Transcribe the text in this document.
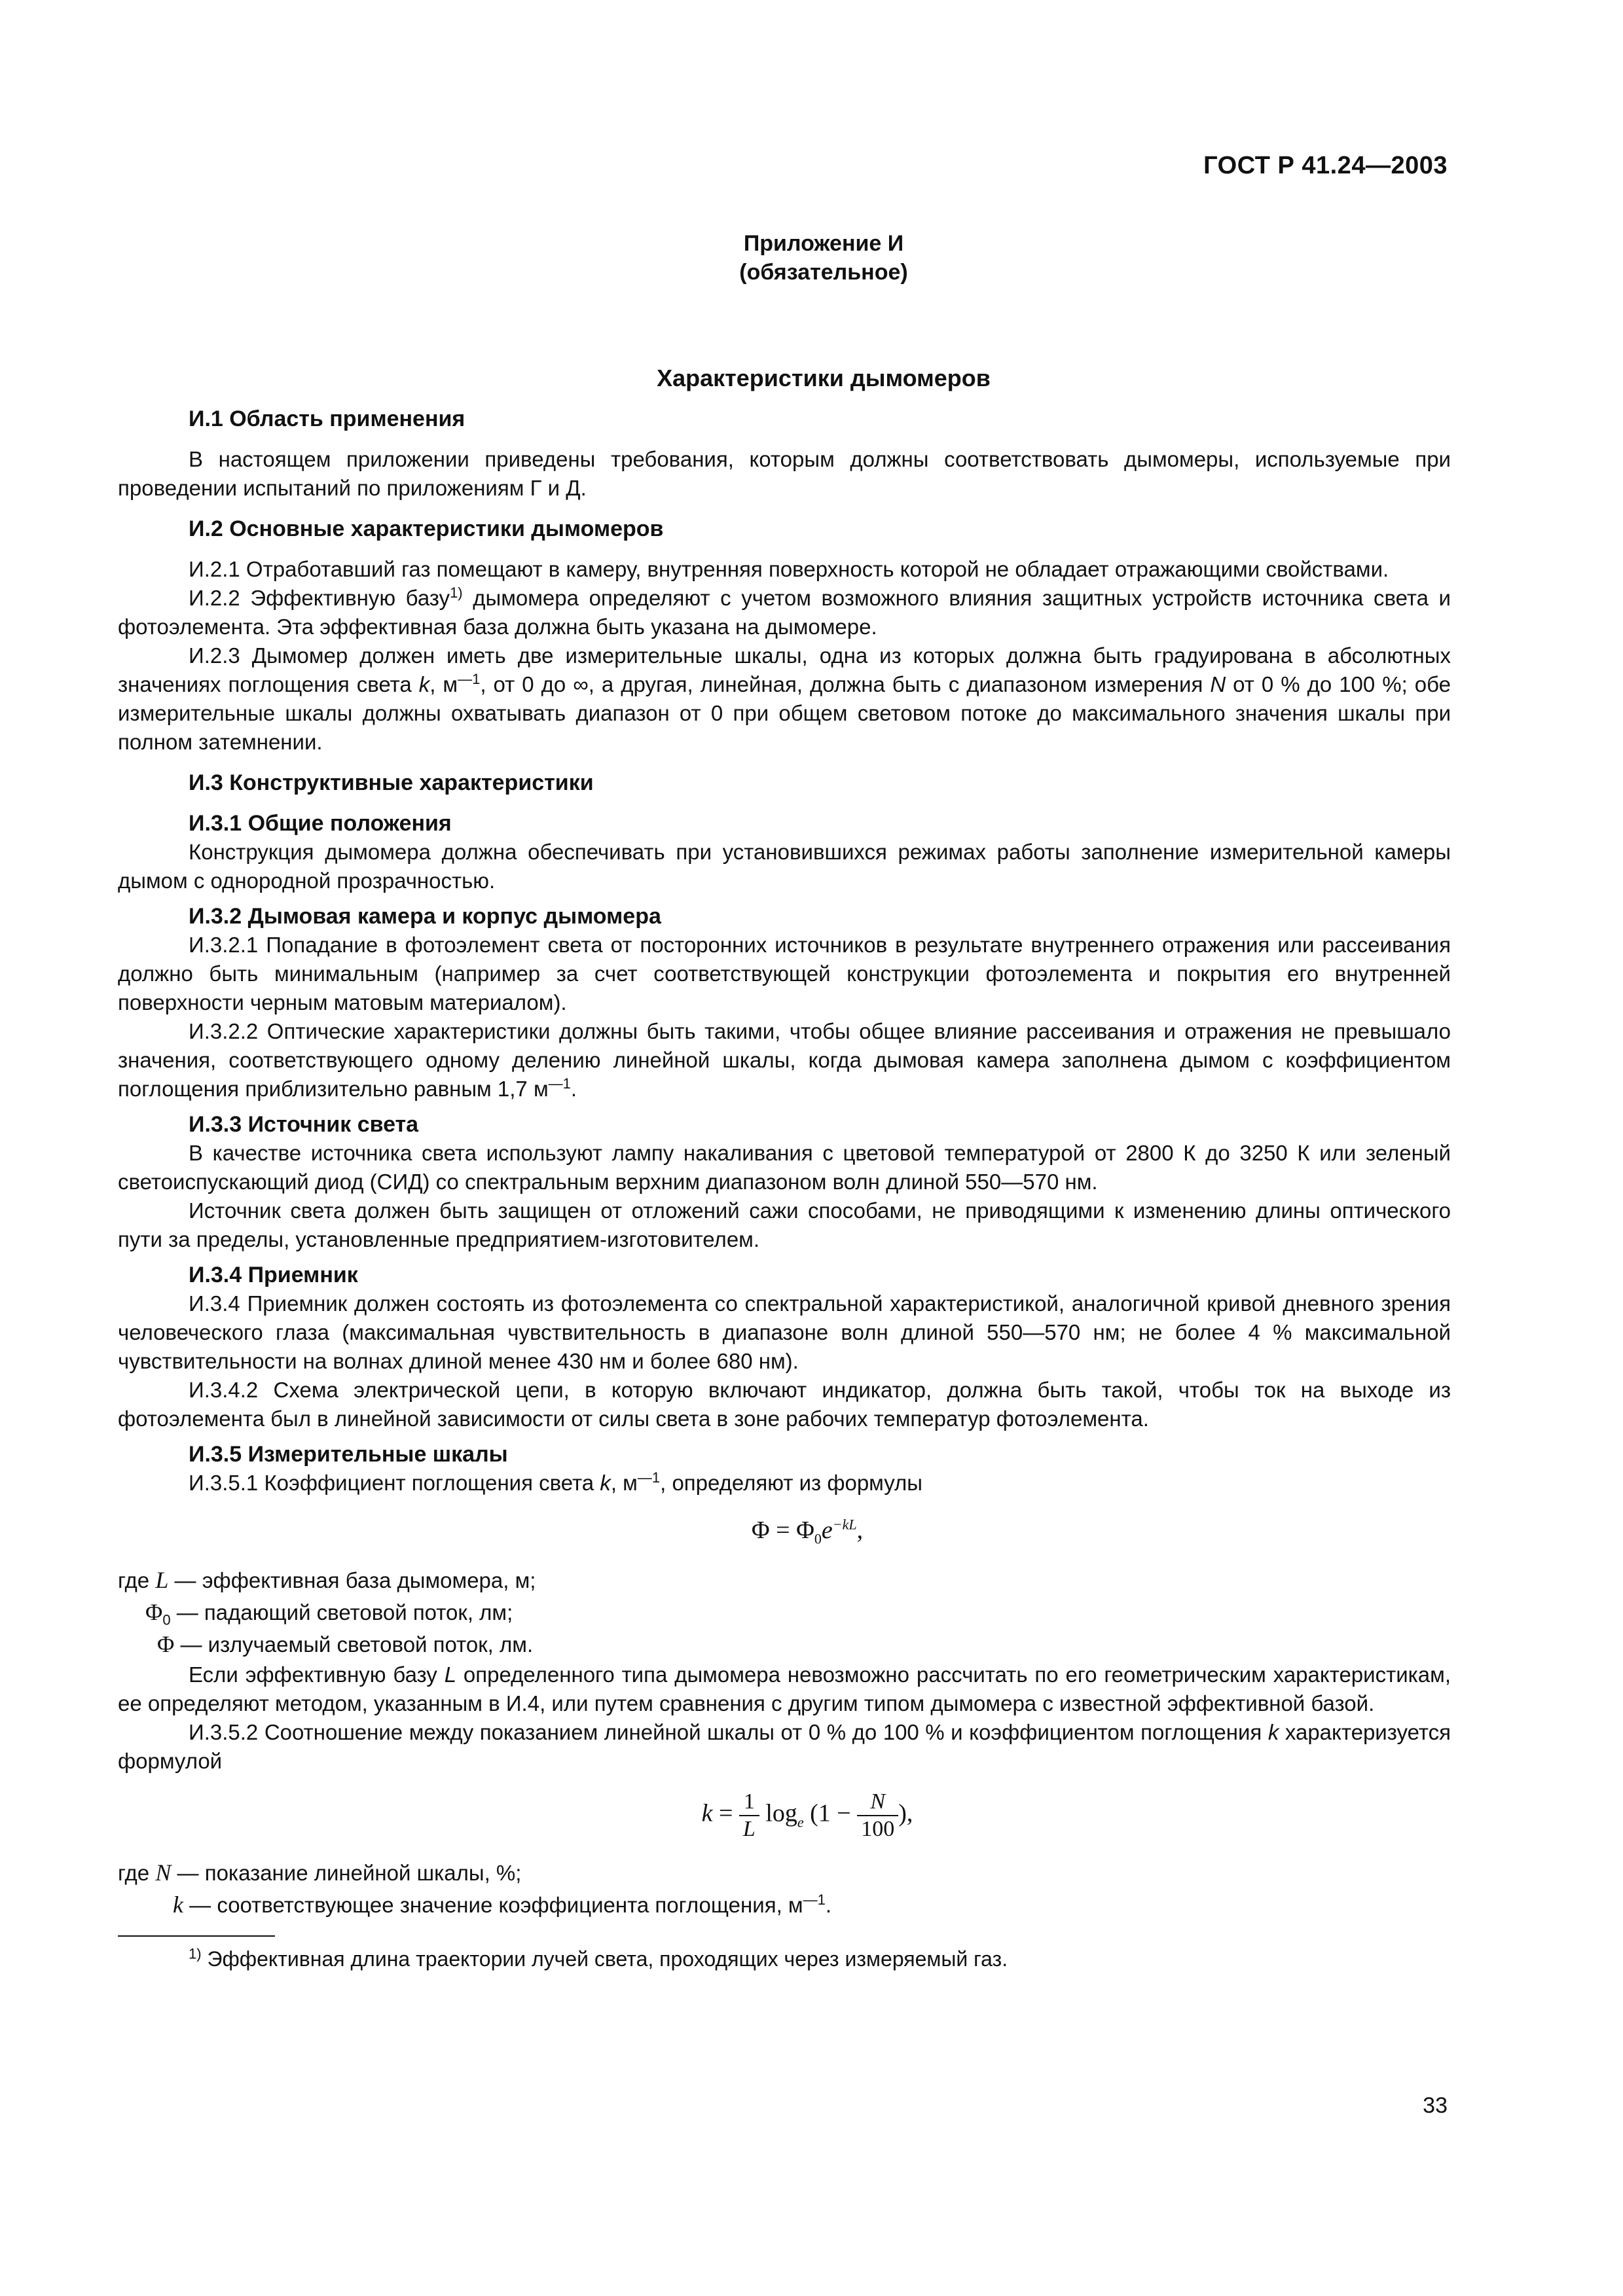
ГОСТ Р 41.24—2003
Приложение И
(обязательное)
Характеристики дымомеров
И.1 Область применения

В настоящем приложении приведены требования, которым должны соответствовать дымомеры, используемые при проведении испытаний по приложениям Г и Д.

И.2 Основные характеристики дымомеров

И.2.1 Отработавший газ помещают в камеру, внутренняя поверхность которой не обладает отражающими свойствами.

И.2.2 Эффективную базу$^{1)}$ дымомера определяют с учетом возможного влияния защитных устройств источника света и фотоэлемента. Эта эффективная база должна быть указана на дымомере.

И.2.3 Дымомер должен иметь две измерительные шкалы, одна из которых должна быть градуирована в абсолютных значениях поглощения света k, $м^{—1}$, от 0 до ∞, а другая, линейная, должна быть с диапазоном измерения N от 0 % до 100 %; обе измерительные шкалы должны охватывать диапазон от 0 при общем световом потоке до максимального значения шкалы при полном затемнении.

И.3 Конструктивные характеристики
И.3.1 Общие положения

Конструкция дымомера должна обеспечивать при установившихся режимах работы заполнение измерительной камеры дымом с однородной прозрачностью.

И.3.2 Дымовая камера и корпус дымомера

И.3.2.1 Попадание в фотоэлемент света от посторонних источников в результате внутреннего отражения или рассеивания должно быть минимальным (например за счет соответствующей конструкции фотоэлемента и покрытия его внутренней поверхности черным матовым материалом).

И.3.2.2 Оптические характеристики должны быть такими, чтобы общее влияние рассеивания и отражения не превышало значения, соответствующего одному делению линейной шкалы, когда дымовая камера заполнена дымом с коэффициентом поглощения приблизительно равным 1,7 $м^{—1}$.

И.3.3 Источник света

В качестве источника света используют лампу накаливания с цветовой температурой от 2800 К до 3250 К или зеленый светоиспускающий диод (СИД) со спектральным верхним диапазоном волн длиной 550—570 нм.

Источник света должен быть защищен от отложений сажи способами, не приводящими к изменению длины оптического пути за пределы, установленные предприятием-изготовителем.

И.3.4 Приемник

И.3.4 Приемник должен состоять из фотоэлемента со спектральной характеристикой, аналогичной кривой дневного зрения человеческого глаза (максимальная чувствительность в диапазоне волн длиной 550—570 нм; не более 4 % максимальной чувствительности на волнах длиной менее 430 нм и более 680 нм).

И.3.4.2 Схема электрической цепи, в которую включают индикатор, должна быть такой, чтобы ток на выходе из фотоэлемента был в линейной зависимости от силы света в зоне рабочих температур фотоэлемента.

И.3.5 Измерительные шкалы

И.3.5.1 Коэффициент поглощения света k, $м^{—1}$, определяют из формулы

$\Phi = \Phi_0e^{-kL}$,

где L — эффективная база дымомера, м;

$\Phi_0$ — падающий световой поток, лм;

Φ — излучаемый световой поток, лм.

Если эффективную базу L определенного типа дымомера невозможно рассчитать по его геометрическим характеристикам, ее определяют методом, указанным в И.4, или путем сравнения с другим типом дымомера с известной эффективной базой.

И.3.5.2 Соотношение между показанием линейной шкалы от 0 % до 100 % и коэффициентом поглощения k характеризуется формулой

$k = \frac{1}{L} \log_e (1 - \frac{N}{100}$ ),

где N — показание линейной шкалы, %;

k — соответствующее значение коэффициента поглощения, $м^{—1}$.

$^{1)}$ Эффективная длина траектории лучей света, проходящих через измеряемый газ.
33
